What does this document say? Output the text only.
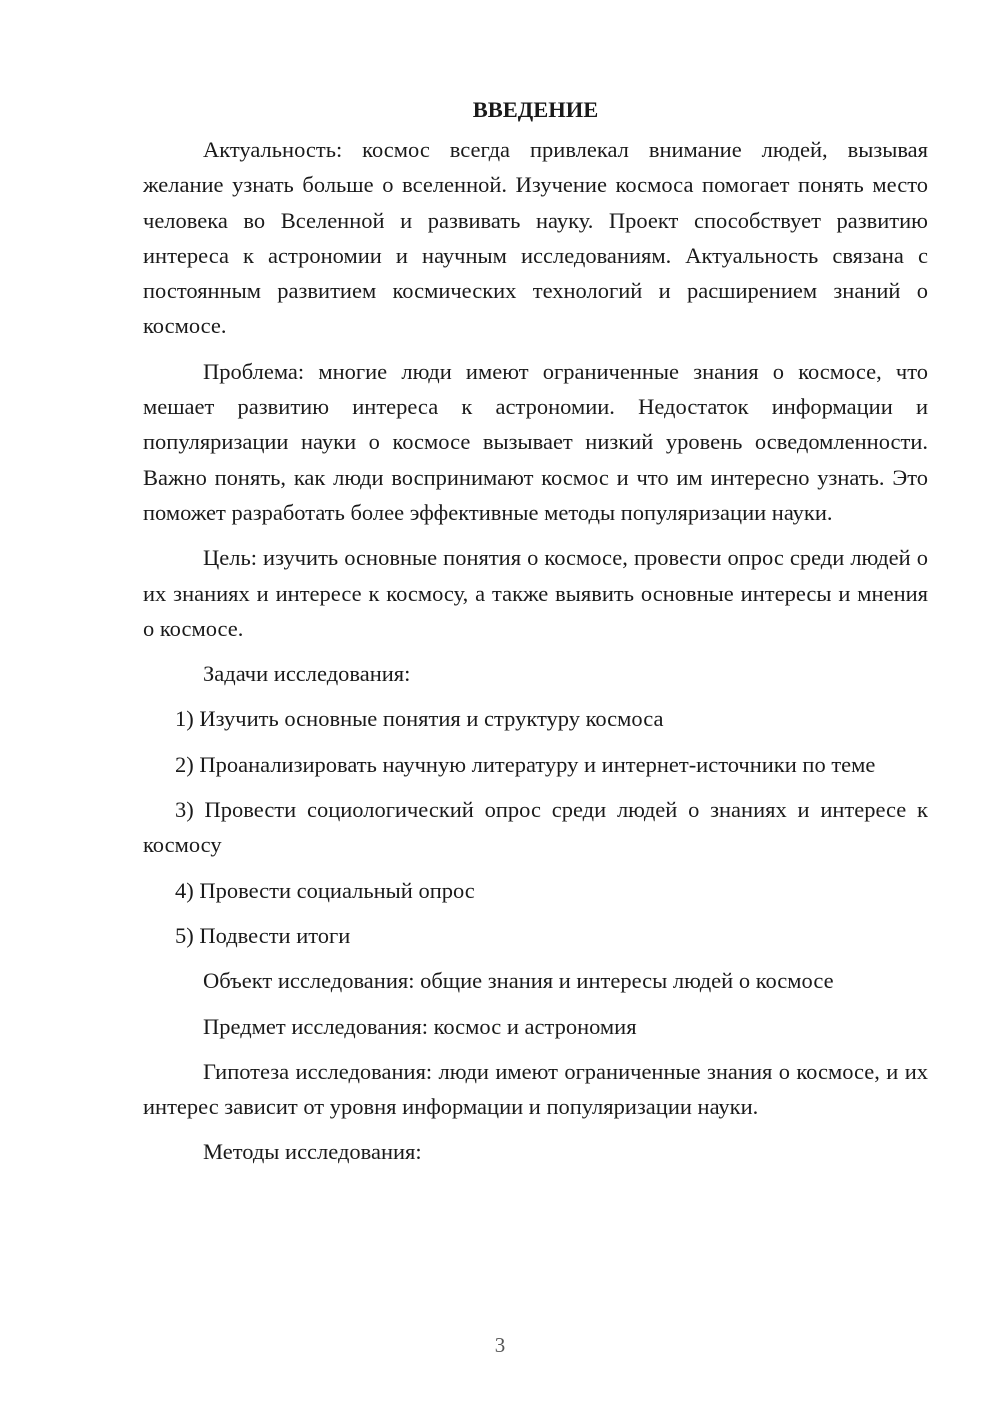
ВВЕДЕНИЕ

Актуальность: космос всегда привлекал внимание людей, вызывая желание узнать больше о вселенной. Изучение космоса помогает понять место человека во Вселенной и развивать науку. Проект способствует развитию интереса к астрономии и научным исследованиям. Актуальность связана с постоянным развитием космических технологий и расширением знаний о космосе.

Проблема: многие люди имеют ограниченные знания о космосе, что мешает развитию интереса к астрономии. Недостаток информации и популяризации науки о космосе вызывает низкий уровень осведомленности. Важно понять, как люди воспринимают космос и что им интересно узнать. Это поможет разработать более эффективные методы популяризации науки.

Цель: изучить основные понятия о космосе, провести опрос среди людей о их знаниях и интересе к космосу, а также выявить основные интересы и мнения о космосе.

Задачи исследования:

1) Изучить основные понятия и структуру космоса

2) Проанализировать научную литературу и интернет-источники по теме

3) Провести социологический опрос среди людей о знаниях и интересе к космосу

4) Провести социальный опрос

5) Подвести итоги

Объект исследования: общие знания и интересы людей о космосе

Предмет исследования: космос и астрономия

Гипотеза исследования: люди имеют ограниченные знания о космосе, и их интерес зависит от уровня информации и популяризации науки.

Методы исследования:

3
